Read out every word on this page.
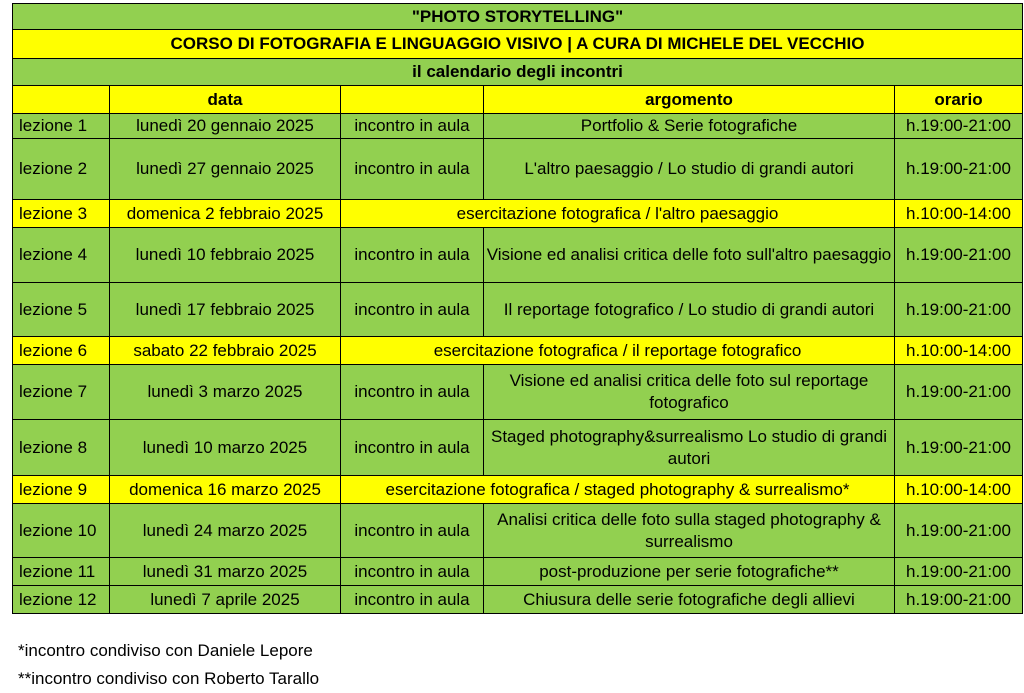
"PHOTO STORYTELLING"				
CORSO DI FOTOGRAFIA E LINGUAGGIO VISIVO | A CURA DI MICHELE DEL VECCHIO				
il calendario degli incontri				
	data		argomento	orario
lezione 1	lunedì 20 gennaio 2025	incontro in aula	Portfolio & Serie fotografiche	h.19:00-21:00
lezione 2	lunedì 27 gennaio 2025	incontro in aula	L'altro paesaggio / Lo studio di grandi autori	h.19:00-21:00
lezione 3	domenica 2 febbraio 2025	esercitazione fotografica / l'altro paesaggio		h.10:00-14:00
lezione 4	lunedì 10 febbraio 2025	incontro in aula	Visione ed analisi critica delle foto sull'altro paesaggio	h.19:00-21:00
lezione 5	lunedì 17 febbraio 2025	incontro in aula	Il reportage fotografico / Lo studio di grandi autori	h.19:00-21:00
lezione 6	sabato 22 febbraio 2025	esercitazione fotografica / il reportage fotografico		h.10:00-14:00
lezione 7	lunedì 3 marzo 2025	incontro in aula	Visione ed analisi critica delle foto sul reportage fotografico	h.19:00-21:00
lezione 8	lunedì 10 marzo 2025	incontro in aula	Staged photography&surrealismo Lo studio di grandi autori	h.19:00-21:00
lezione 9	domenica 16 marzo 2025	esercitazione fotografica / staged photography & surrealismo*		h.10:00-14:00
lezione 10	lunedì 24 marzo 2025	incontro in aula	Analisi critica delle foto sulla staged photography & surrealismo	h.19:00-21:00
lezione 11	lunedì 31 marzo 2025	incontro in aula	post-produzione per serie fotografiche**	h.19:00-21:00
lezione 12	lunedì 7 aprile 2025	incontro in aula	Chiusura delle serie fotografiche degli allievi	h.19:00-21:00
*incontro condiviso con Daniele Lepore
**incontro condiviso con Roberto Tarallo
